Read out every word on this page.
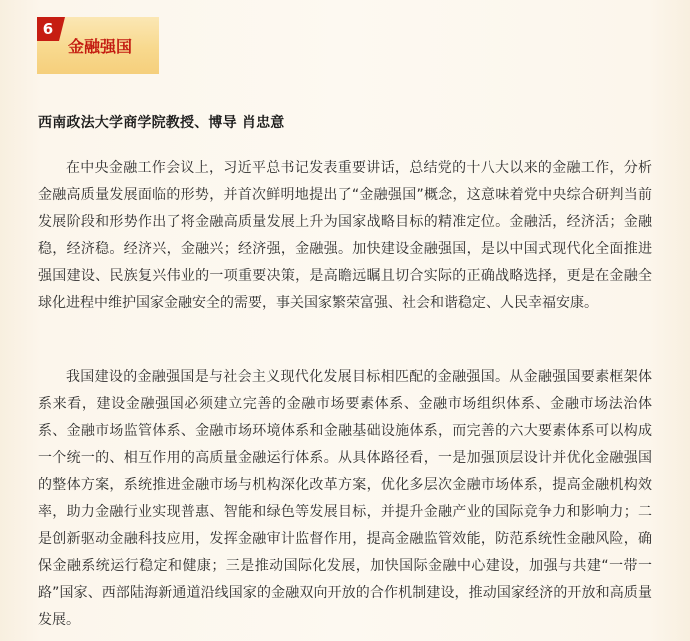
6
金融强国
西南政法大学商学院教授、博导 肖忠意

在中央金融工作会议上，习近平总书记发表重要讲话，总结党的十八大以来的金融工作，分析金融高质量发展面临的形势，并首次鲜明地提出了“金融强国”概念，这意味着党中央综合研判当前发展阶段和形势作出了将金融高质量发展上升为国家战略目标的精准定位。金融活，经济活；金融稳，经济稳。经济兴，金融兴；经济强，金融强。加快建设金融强国，是以中国式现代化全面推进强国建设、民族复兴伟业的一项重要决策，是高瞻远瞩且切合实际的正确战略选择，更是在金融全球化进程中维护国家金融安全的需要，事关国家繁荣富强、社会和谐稳定、人民幸福安康。

我国建设的金融强国是与社会主义现代化发展目标相匹配的金融强国。从金融强国要素框架体系来看，建设金融强国必须建立完善的金融市场要素体系、金融市场组织体系、金融市场法治体系、金融市场监管体系、金融市场环境体系和金融基础设施体系，而完善的六大要素体系可以构成一个统一的、相互作用的高质量金融运行体系。从具体路径看，一是加强顶层设计并优化金融强国的整体方案，系统推进金融市场与机构深化改革方案，优化多层次金融市场体系，提高金融机构效率，助力金融行业实现普惠、智能和绿色等发展目标，并提升金融产业的国际竞争力和影响力；二是创新驱动金融科技应用，发挥金融审计监督作用，提高金融监管效能，防范系统性金融风险，确保金融系统运行稳定和健康；三是推动国际化发展，加快国际金融中心建设，加强与共建“一带一路”国家、西部陆海新通道沿线国家的金融双向开放的合作机制建设，推动国家经济的开放和高质量发展。
